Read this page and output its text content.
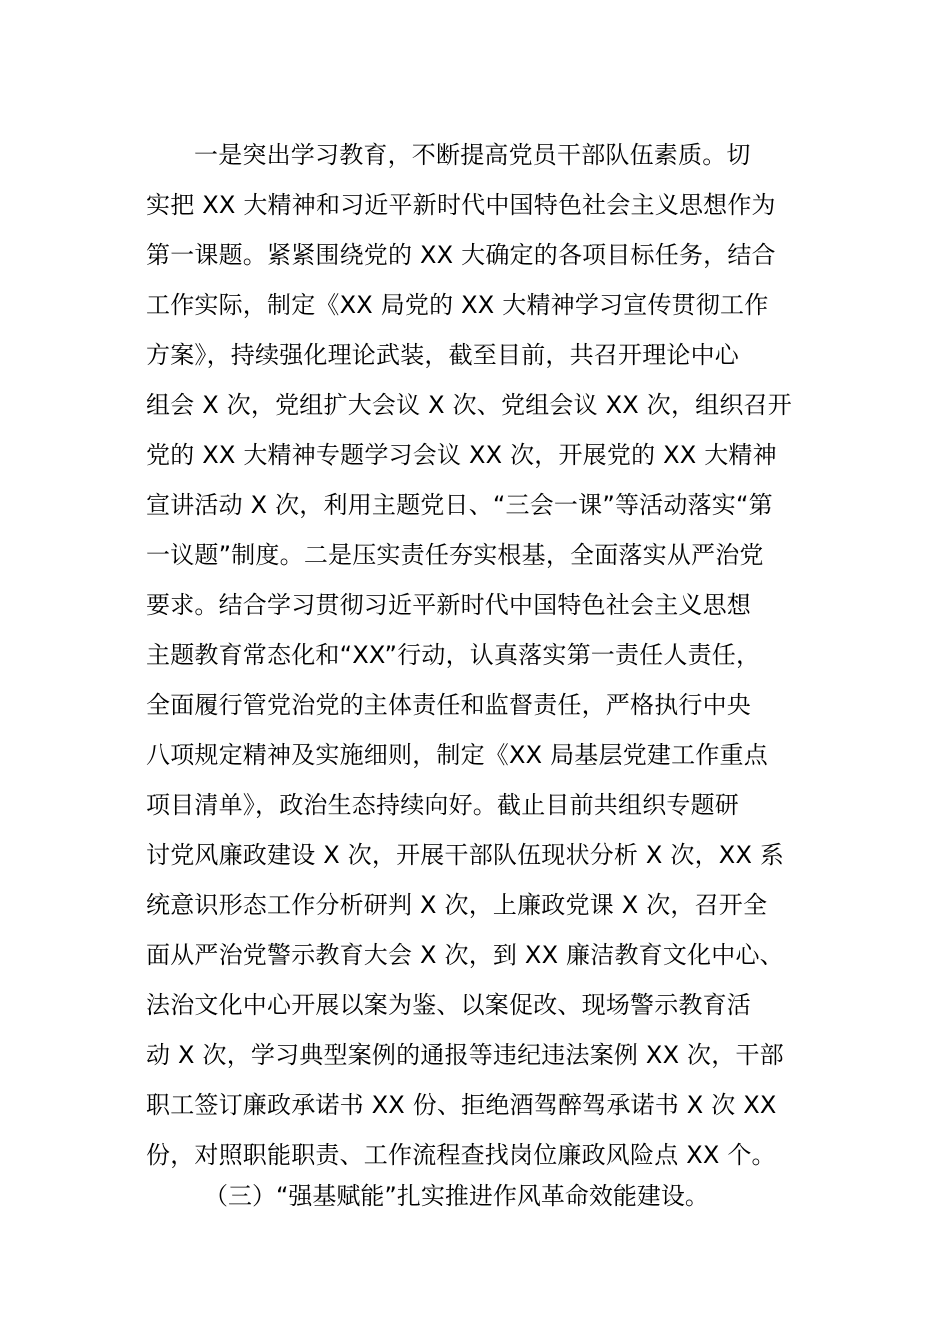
一是突出学习教育，不断提高党员干部队伍素质。切
实把 XX 大精神和习近平新时代中国特色社会主义思想作为
第一课题。紧紧围绕党的 XX 大确定的各项目标任务，结合
工作实际，制定《XX 局党的 XX 大精神学习宣传贯彻工作
方案》，持续强化理论武装，截至目前，共召开理论中心
组会 X 次，党组扩大会议 X 次、党组会议 XX 次，组织召开
党的 XX 大精神专题学习会议 XX 次，开展党的 XX 大精神
宣讲活动 X 次，利用主题党日、“三会一课”等活动落实“第
一议题”制度。二是压实责任夯实根基，全面落实从严治党
要求。结合学习贯彻习近平新时代中国特色社会主义思想
主题教育常态化和“XX”行动，认真落实第一责任人责任，
全面履行管党治党的主体责任和监督责任，严格执行中央
八项规定精神及实施细则，制定《XX 局基层党建工作重点
项目清单》，政治生态持续向好。截止目前共组织专题研
讨党风廉政建设 X 次，开展干部队伍现状分析 X 次，XX 系
统意识形态工作分析研判 X 次，上廉政党课 X 次，召开全
面从严治党警示教育大会 X 次，到 XX 廉洁教育文化中心、
法治文化中心开展以案为鉴、以案促改、现场警示教育活
动 X 次，学习典型案例的通报等违纪违法案例 XX 次，干部
职工签订廉政承诺书 XX 份、拒绝酒驾醉驾承诺书 X 次 XX
份，对照职能职责、工作流程查找岗位廉政风险点 XX 个。
（三）“强基赋能”扎实推进作风革命效能建设。
